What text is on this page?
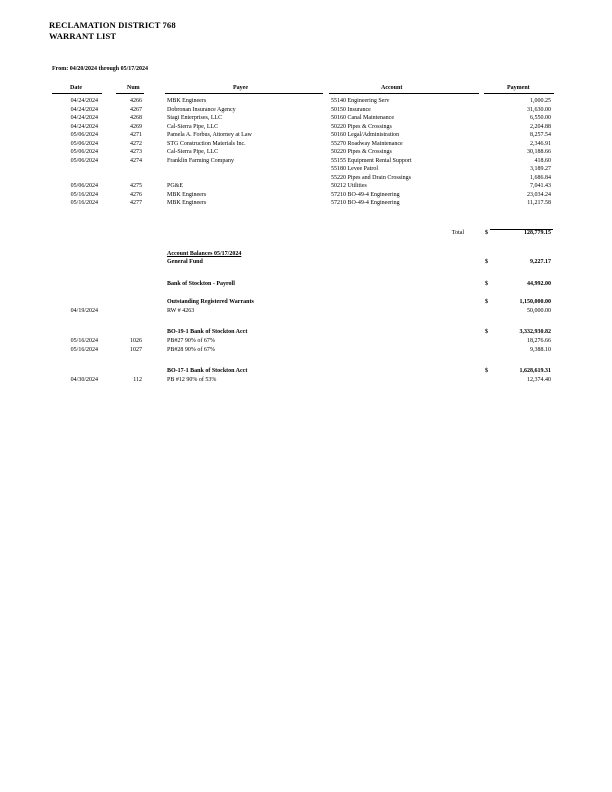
RECLAMATION DISTRICT 768
WARRANT LIST
From: 04/20/2024 through 05/17/2024
Date	Num	Payee	Account	Payment
04/24/2024	4266	MBK Engineers	55140 Engineering Serv	1,000.25
04/24/2024	4267	Dobronan Insurance Agency	50150 Insurance	31,630.00
04/24/2024	4268	Stagi Enterprises, LLC	50160 Canal Maintenance	6,550.00
04/24/2024	4269	Cal-Sierra Pipe, LLC	50220 Pipes & Crossings	2,204.88
05/06/2024	4271	Pamela A. Forbus, Attorney at Law	50160 Legal/Administration	8,257.54
05/06/2024	4272	STG Construction Materials Inc.	55270 Roadway Maintenance	2,346.91
05/06/2024	4273	Cal-Sierra Pipe, LLC	50220 Pipes & Crossings	30,188.66
05/06/2024	4274	Franklin Farming Company	55155 Equipment Rental Support	418.60
55180 Levee Patrol	3,189.27
55220 Pipes and Drain Crossings	1,686.84
05/06/2024	4275	PG&E	50212 Utilities	7,041.43
05/16/2024	4276	MBK Engineers	57210 BO-49-4 Engineering	23,034.24
05/16/2024	4277	MBK Engineers	57210 BO-49-4 Engineering	11,217.58
Total	$	128,779.15
Account Balances 05/17/2024
General Fund	$	9,227.17
Bank of Stockton - Payroll	$	44,992.00
Outstanding Registered Warrants	$	1,150,000.00
04/19/2024	RW # 4263	50,000.00
BO-19-1 Bank of Stockton Acct	$	3,332,930.82
05/16/2024	1026	PB#27 90% of 67%	18,276.66
05/16/2024	1027	PB#28 90% of 67%	9,388.10
BO-17-1 Bank of Stockton Acct	$	1,628,619.31
04/30/2024	112	PB #12 90% of 53%	12,374.40
